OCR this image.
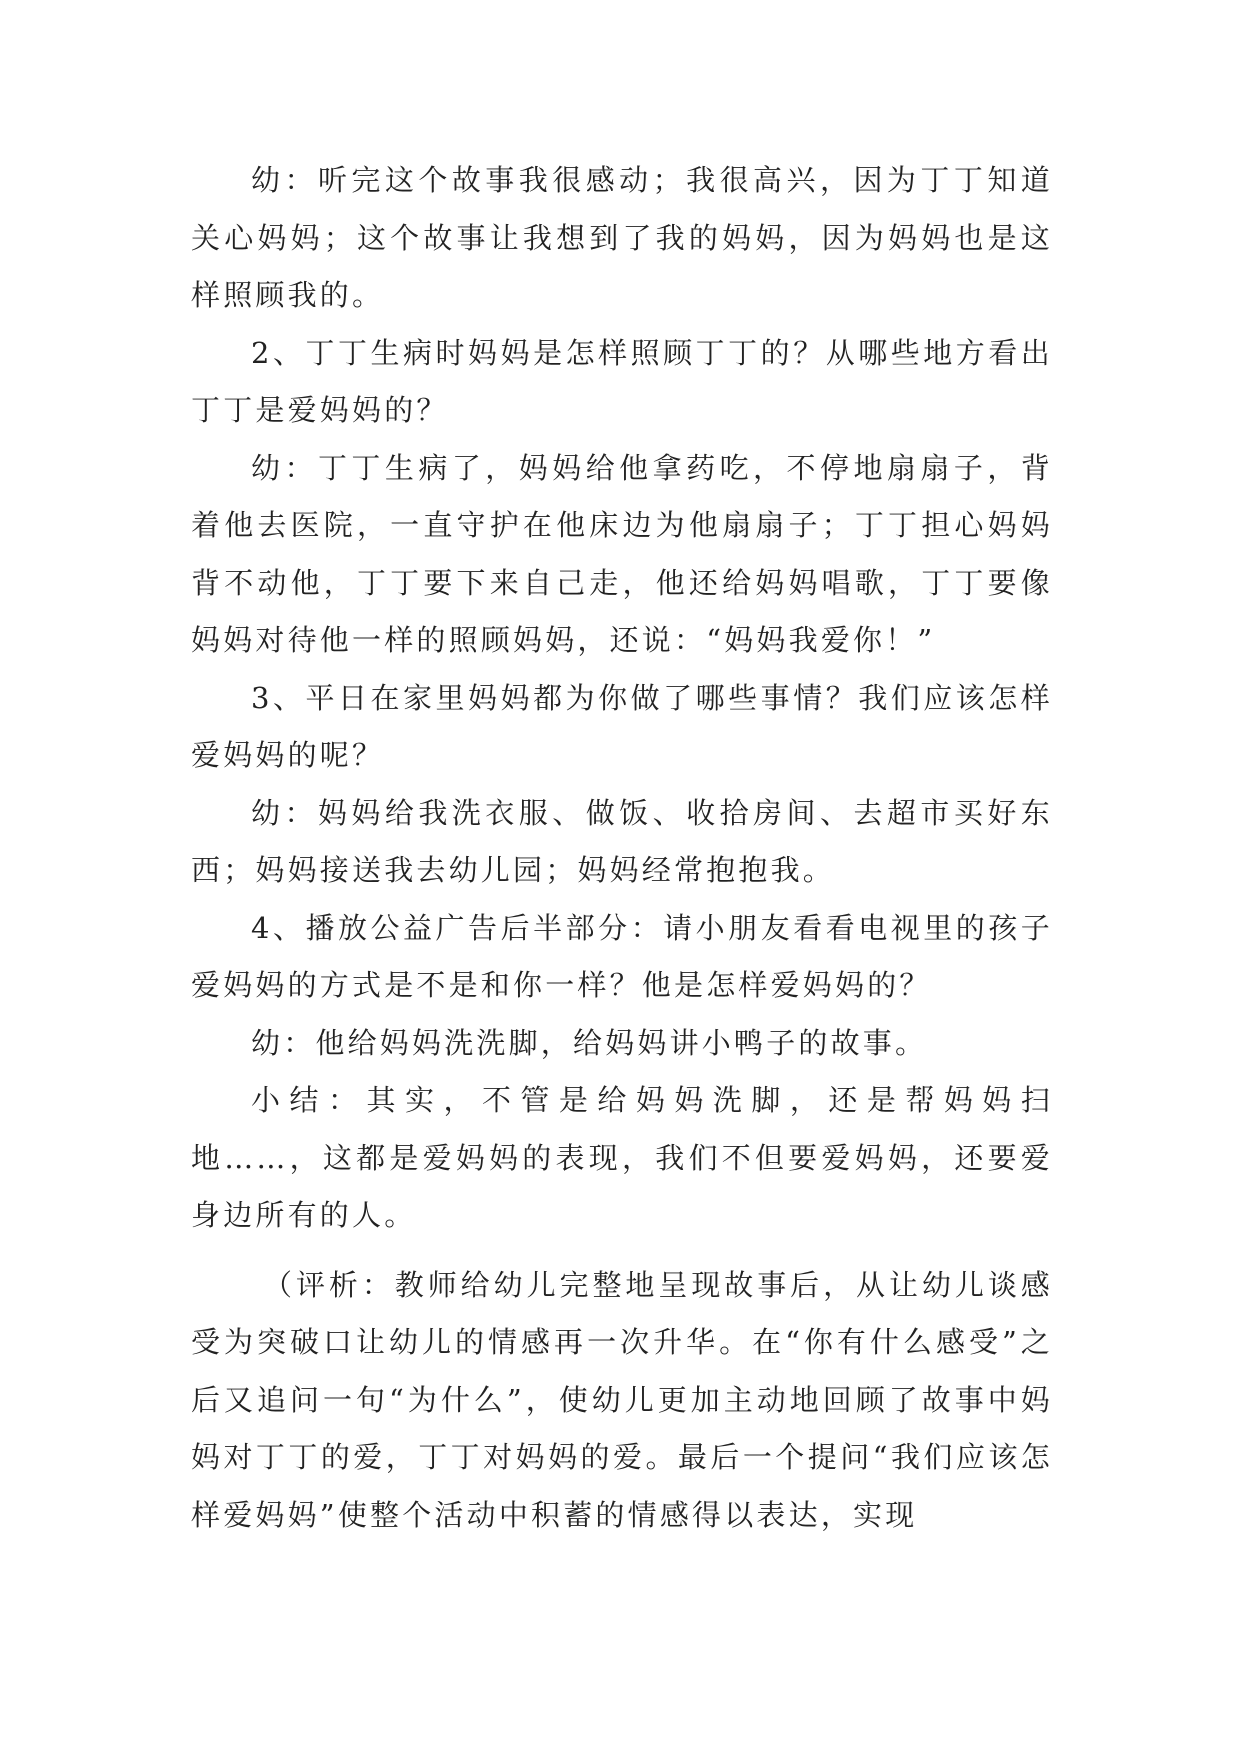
幼：听完这个故事我很感动；我很高兴，因为丁丁知道关心妈妈；这个故事让我想到了我的妈妈，因为妈妈也是这样照顾我的。

2、丁丁生病时妈妈是怎样照顾丁丁的？从哪些地方看出丁丁是爱妈妈的？

幼：丁丁生病了，妈妈给他拿药吃，不停地扇扇子，背着他去医院，一直守护在他床边为他扇扇子；丁丁担心妈妈背不动他，丁丁要下来自己走，他还给妈妈唱歌，丁丁要像妈妈对待他一样的照顾妈妈，还说：“妈妈我爱你！”

3、平日在家里妈妈都为你做了哪些事情？我们应该怎样爱妈妈的呢？

幼：妈妈给我洗衣服、做饭、收拾房间、去超市买好东西；妈妈接送我去幼儿园；妈妈经常抱抱我。

4、播放公益广告后半部分：请小朋友看看电视里的孩子爱妈妈的方式是不是和你一样？他是怎样爱妈妈的？

幼：他给妈妈洗洗脚，给妈妈讲小鸭子的故事。

小结：其实，不管是给妈妈洗脚，还是帮妈妈扫地……，这都是爱妈妈的表现，我们不但要爱妈妈，还要爱身边所有的人。

（评析：教师给幼儿完整地呈现故事后，从让幼儿谈感受为突破口让幼儿的情感再一次升华。在“你有什么感受”之后又追问一句“为什么”，使幼儿更加主动地回顾了故事中妈妈对丁丁的爱，丁丁对妈妈的爱。最后一个提问“我们应该怎样爱妈妈”使整个活动中积蓄的情感得以表达，实现
